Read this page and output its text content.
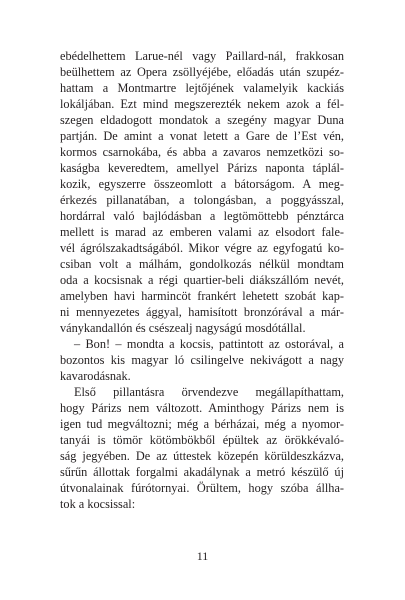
ebédelhettem Larue-nél vagy Paillard-nál, frakkosan
beülhettem az Opera zsöllyéjébe, előadás után szupéz-
hattam a Montmartre lejtőjének valamelyik kackiás
lokáljában. Ezt mind megszerezték nekem azok a fél-
szegen eldadogott mondatok a szegény magyar Duna
partján. De amint a vonat letett a Gare de l’Est vén,
kormos csarnokába, és abba a zavaros nemzetközi so-
kaságba keveredtem, amellyel Párizs naponta táplál-
kozik, egyszerre összeomlott a bátorságom. A meg-
érkezés pillanatában, a tolongásban, a poggyásszal,
hordárral való bajlódásban a legtömöttebb pénztárca
mellett is marad az emberen valami az elsodort fale-
vél ágrólszakadtságából. Mikor végre az egyfogatú ko-
csiban volt a málhám, gondolkozás nélkül mondtam
oda a kocsisnak a régi quartier-beli diákszállóm nevét,
amelyben havi harmincöt frankért lehetett szobát kap-
ni mennyezetes ággyal, hamisított bronzórával a már-
ványkandallón és csészealj nagyságú mosdótállal.
– Bon! – mondta a kocsis, pattintott az ostorával, a
bozontos kis magyar ló csilingelve nekivágott a nagy
kavarodásnak.
Első pillantásra örvendezve megállapíthattam,
hogy Párizs nem változott. Aminthogy Párizs nem is
igen tud megváltozni; még a bérházai, még a nyomor-
tanyái is tömör kötömbökből épültek az örökkévaló-
ság jegyében. De az úttestek közepén körüldeszkázva,
sűrűn állottak forgalmi akadálynak a metró készülő új
útvonalainak fúrótornyai. Örültem, hogy szóba állha-
tok a kocsissal:
11
